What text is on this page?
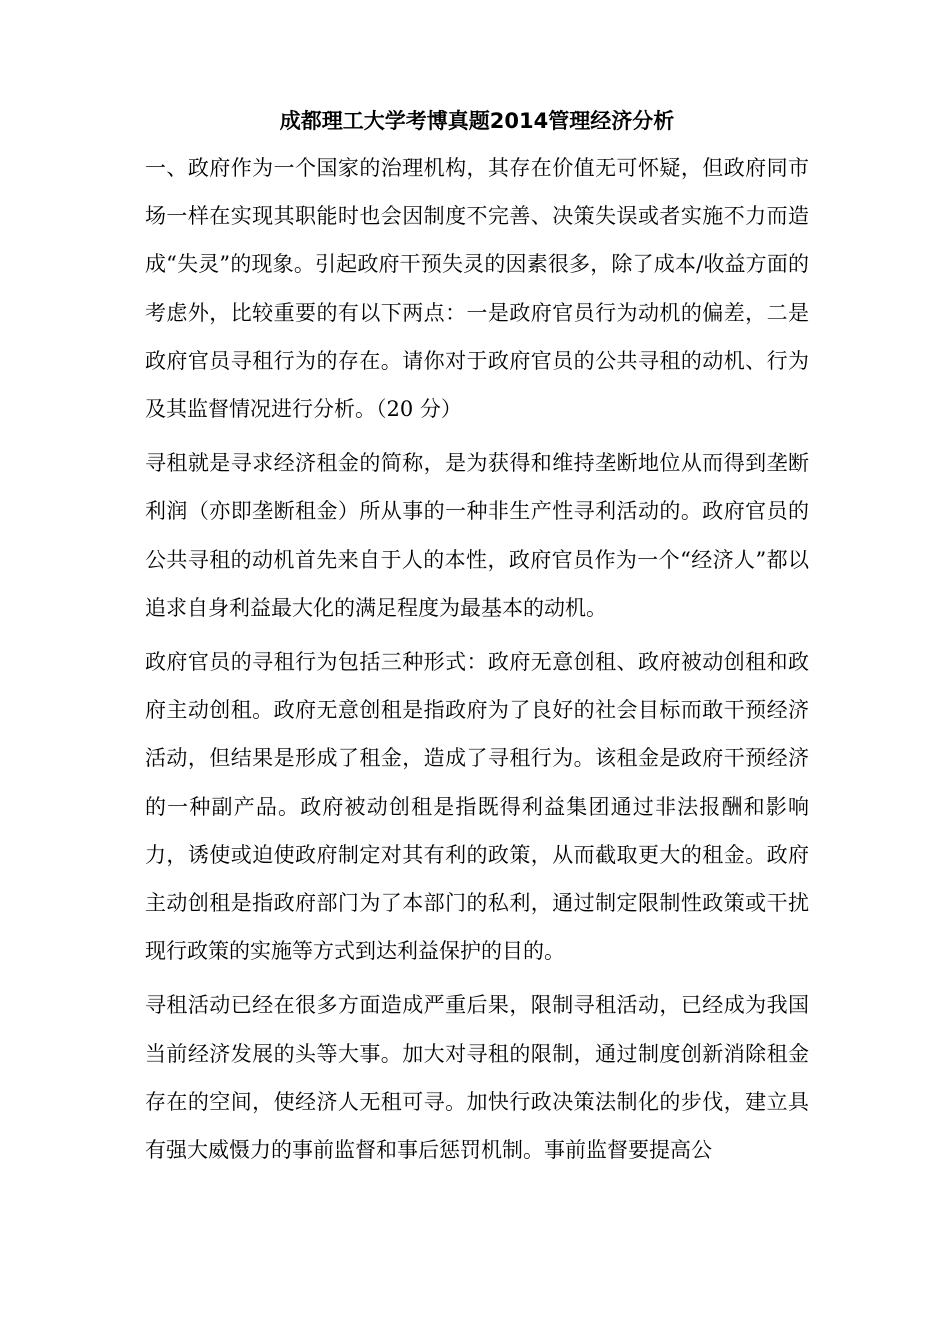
成都理工大学考博真题2014管理经济分析

一、政府作为一个国家的治理机构，其存在价值无可怀疑，但政府同市场一样在实现其职能时也会因制度不完善、决策失误或者实施不力而造成“失灵”的现象。引起政府干预失灵的因素很多，除了成本/收益方面的考虑外，比较重要的有以下两点：一是政府官员行为动机的偏差，二是政府官员寻租行为的存在。请你对于政府官员的公共寻租的动机、行为及其监督情况进行分析。（20 分）

寻租就是寻求经济租金的简称，是为获得和维持垄断地位从而得到垄断利润（亦即垄断租金）所从事的一种非生产性寻利活动的。政府官员的公共寻租的动机首先来自于人的本性，政府官员作为一个“经济人”都以追求自身利益最大化的满足程度为最基本的动机。

政府官员的寻租行为包括三种形式：政府无意创租、政府被动创租和政府主动创租。政府无意创租是指政府为了良好的社会目标而敢干预经济活动，但结果是形成了租金，造成了寻租行为。该租金是政府干预经济的一种副产品。政府被动创租是指既得利益集团通过非法报酬和影响力，诱使或迫使政府制定对其有利的政策，从而截取更大的租金。政府主动创租是指政府部门为了本部门的私利，通过制定限制性政策或干扰现行政策的实施等方式到达利益保护的目的。

寻租活动已经在很多方面造成严重后果，限制寻租活动，已经成为我国当前经济发展的头等大事。加大对寻租的限制，通过制度创新消除租金存在的空间，使经济人无租可寻。加快行政决策法制化的步伐，建立具有强大威慑力的事前监督和事后惩罚机制。事前监督要提高公
